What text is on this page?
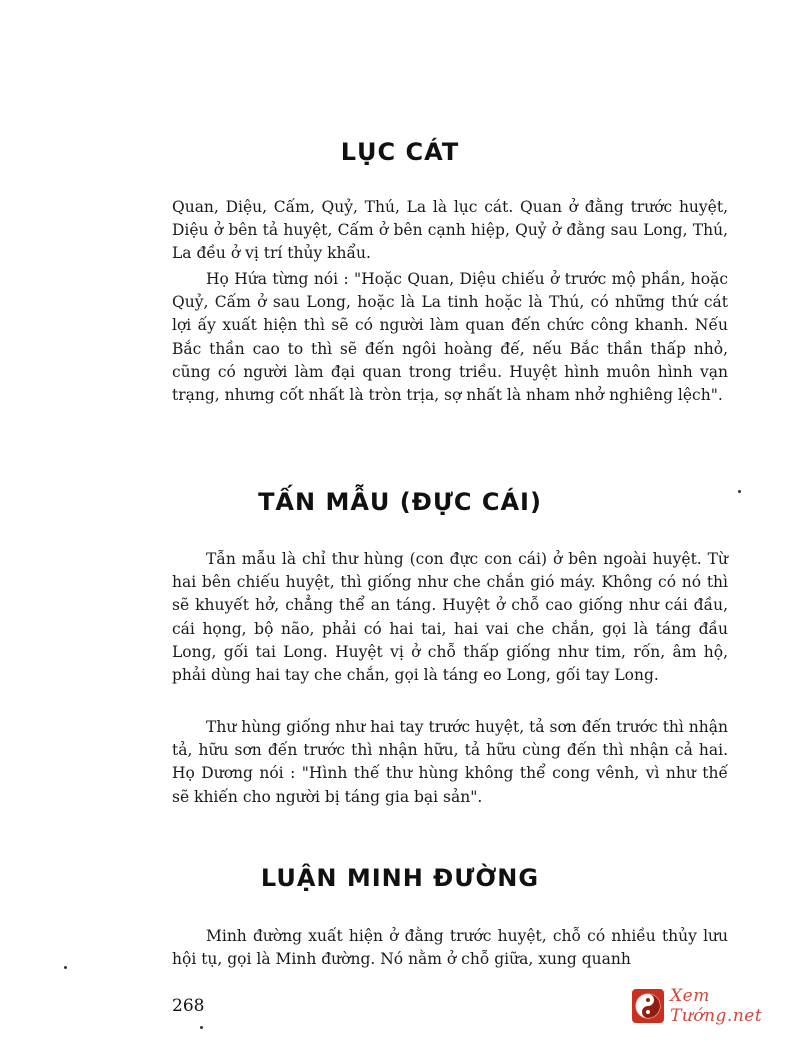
LỤC CÁT

Quan, Diệu, Cấm, Quỷ, Thú, La là lục cát. Quan ở đằng trước huyệt, Diệu ở bên tả huyệt, Cấm ở bên cạnh hiệp, Quỷ ở đằng sau Long, Thú, La đều ở vị trí thủy khẩu.

Họ Hứa từng nói : "Hoặc Quan, Diệu chiếu ở trước mộ phần, hoặc Quỷ, Cấm ở sau Long, hoặc là La tinh hoặc là Thú, có những thứ cát lợi ấy xuất hiện thì sẽ có người làm quan đến chức công khanh. Nếu Bắc thần cao to thì sẽ đến ngôi hoàng đế, nếu Bắc thần thấp nhỏ, cũng có người làm đại quan trong triều. Huyệt hình muôn hình vạn trạng, nhưng cốt nhất là tròn trịa, sợ nhất là nham nhở nghiêng lệch".

TẤN MẪU (ĐỰC CÁI)

Tẫn mẫu là chỉ thư hùng (con đực con cái) ở bên ngoài huyệt. Từ hai bên chiếu huyệt, thì giống như che chắn gió máy. Không có nó thì sẽ khuyết hở, chẳng thể an táng. Huyệt ở chỗ cao giống như cái đầu, cái họng, bộ não, phải có hai tai, hai vai che chắn, gọi là táng đầu Long, gối tai Long. Huyệt vị ở chỗ thấp giống như tim, rốn, âm hộ, phải dùng hai tay che chắn, gọi là táng eo Long, gối tay Long.

Thư hùng giống như hai tay trước huyệt, tả sơn đến trước thì nhận tả, hữu sơn đến trước thì nhận hữu, tả hữu cùng đến thì nhận cả hai. Họ Dương nói : "Hình thế thư hùng không thể cong vênh, vì như thế sẽ khiến cho người bị táng gia bại sản".

LUẬN MINH ĐƯỜNG

Minh đường xuất hiện ở đằng trước huyệt, chỗ có nhiều thủy lưu hội tụ, gọi là Minh đường. Nó nằm ở chỗ giữa, xung quanh

268	Xem Tướng.net
